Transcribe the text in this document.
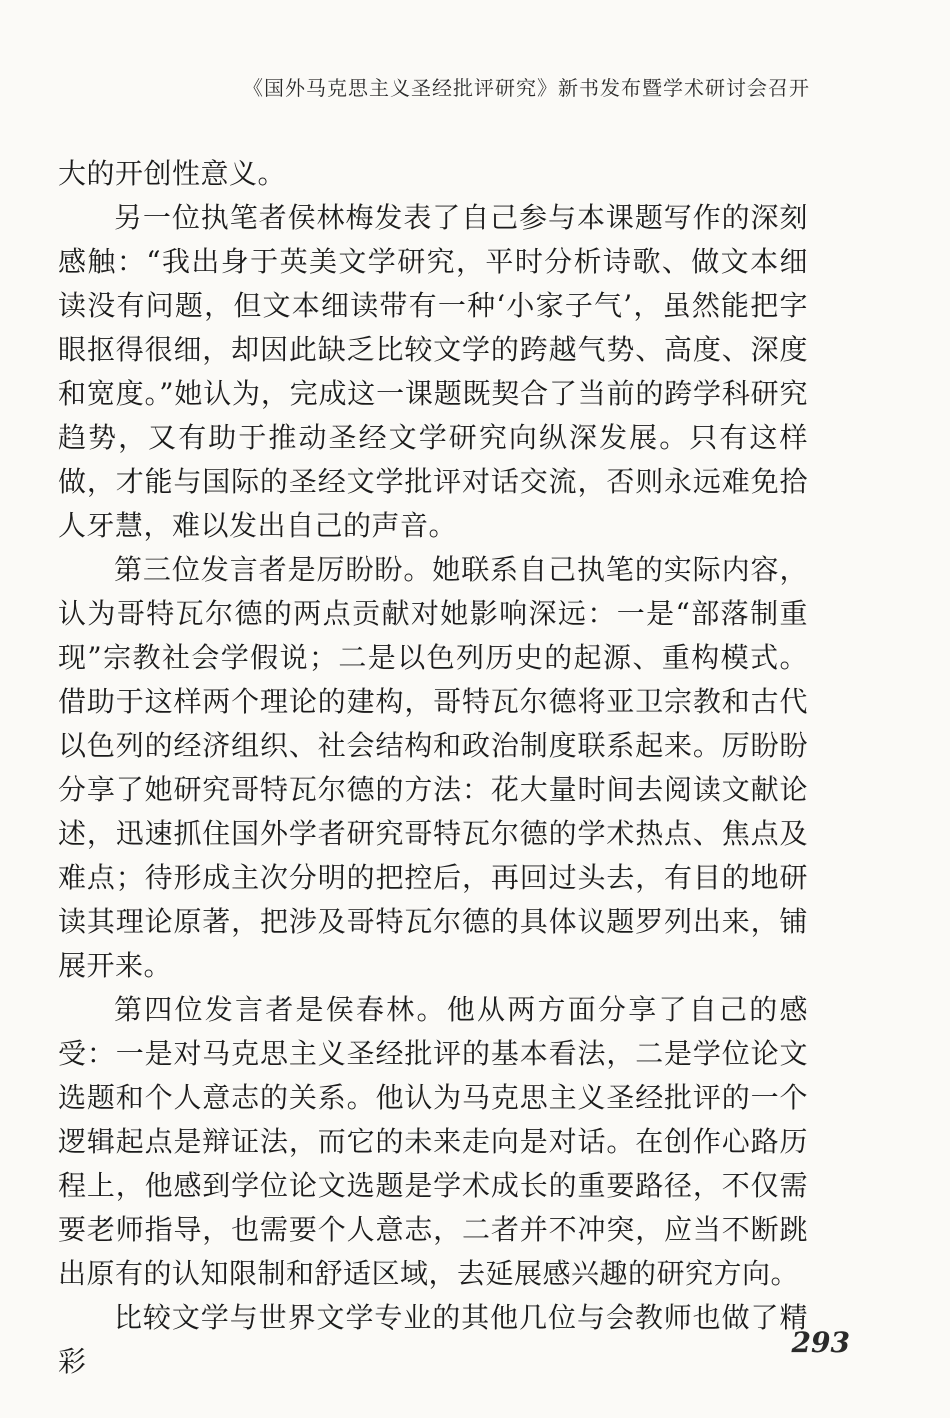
《国外马克思主义圣经批评研究》新书发布暨学术研讨会召开

大的开创性意义。

另一位执笔者侯林梅发表了自己参与本课题写作的深刻感触：“我出身于英美文学研究，平时分析诗歌、做文本细读没有问题，但文本细读带有一种‘小家子气’，虽然能把字眼抠得很细，却因此缺乏比较文学的跨越气势、高度、深度和宽度。”她认为，完成这一课题既契合了当前的跨学科研究趋势，又有助于推动圣经文学研究向纵深发展。只有这样做，才能与国际的圣经文学批评对话交流，否则永远难免拾人牙慧，难以发出自己的声音。

第三位发言者是厉盼盼。她联系自己执笔的实际内容，认为哥特瓦尔德的两点贡献对她影响深远：一是“部落制重现”宗教社会学假说；二是以色列历史的起源、重构模式。借助于这样两个理论的建构，哥特瓦尔德将亚卫宗教和古代以色列的经济组织、社会结构和政治制度联系起来。厉盼盼分享了她研究哥特瓦尔德的方法：花大量时间去阅读文献论述，迅速抓住国外学者研究哥特瓦尔德的学术热点、焦点及难点；待形成主次分明的把控后，再回过头去，有目的地研读其理论原著，把涉及哥特瓦尔德的具体议题罗列出来，铺展开来。

第四位发言者是侯春林。他从两方面分享了自己的感受：一是对马克思主义圣经批评的基本看法，二是学位论文选题和个人意志的关系。他认为马克思主义圣经批评的一个逻辑起点是辩证法，而它的未来走向是对话。在创作心路历程上，他感到学位论文选题是学术成长的重要路径，不仅需要老师指导，也需要个人意志，二者并不冲突，应当不断跳出原有的认知限制和舒适区域，去延展感兴趣的研究方向。

比较文学与世界文学专业的其他几位与会教师也做了精彩

293
